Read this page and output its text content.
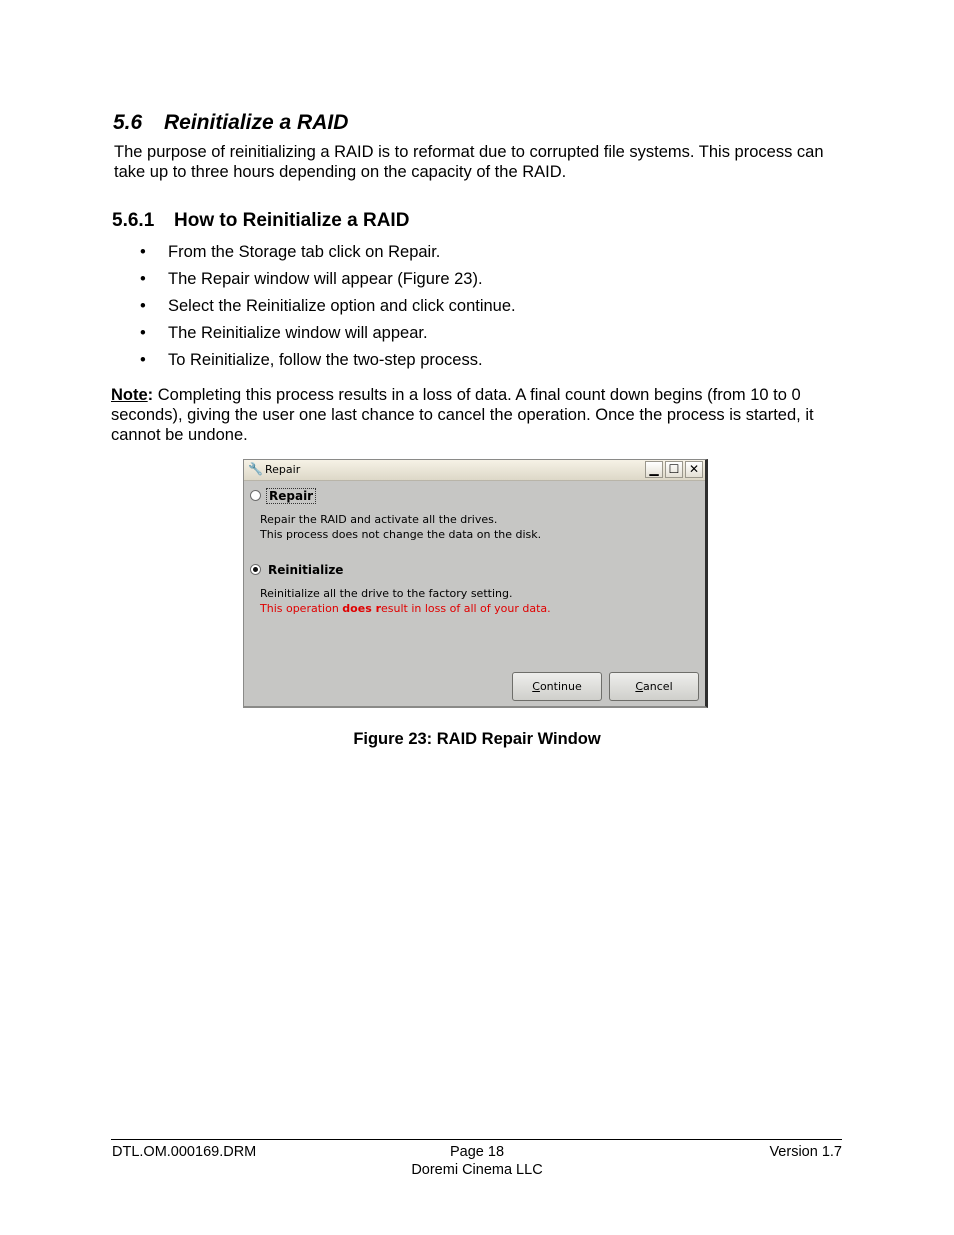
5.6 Reinitialize a RAID
The purpose of reinitializing a RAID is to reformat due to corrupted file systems. This process can take up to three hours depending on the capacity of the RAID.
5.6.1 How to Reinitialize a RAID
• From the Storage tab click on Repair.
• The Repair window will appear (Figure 23).
• Select the Reinitialize option and click continue.
• The Reinitialize window will appear.
• To Reinitialize, follow the two-step process.
Note: Completing this process results in a loss of data. A final count down begins (from 10 to 0 seconds), giving the user one last chance to cancel the operation. Once the process is started, it cannot be undone.
🔧 Repair	▁ ☐ ✕
Repair
Repair the RAID and activate all the drives.
This process does not change the data on the disk.
Reinitialize
Reinitialize all the drive to the factory setting.
This operation does result in loss of all of your data.
Continue	Cancel
Figure 23: RAID Repair Window
DTL.OM.000169.DRM	Page 18
Doremi Cinema LLC
Version 1.7
